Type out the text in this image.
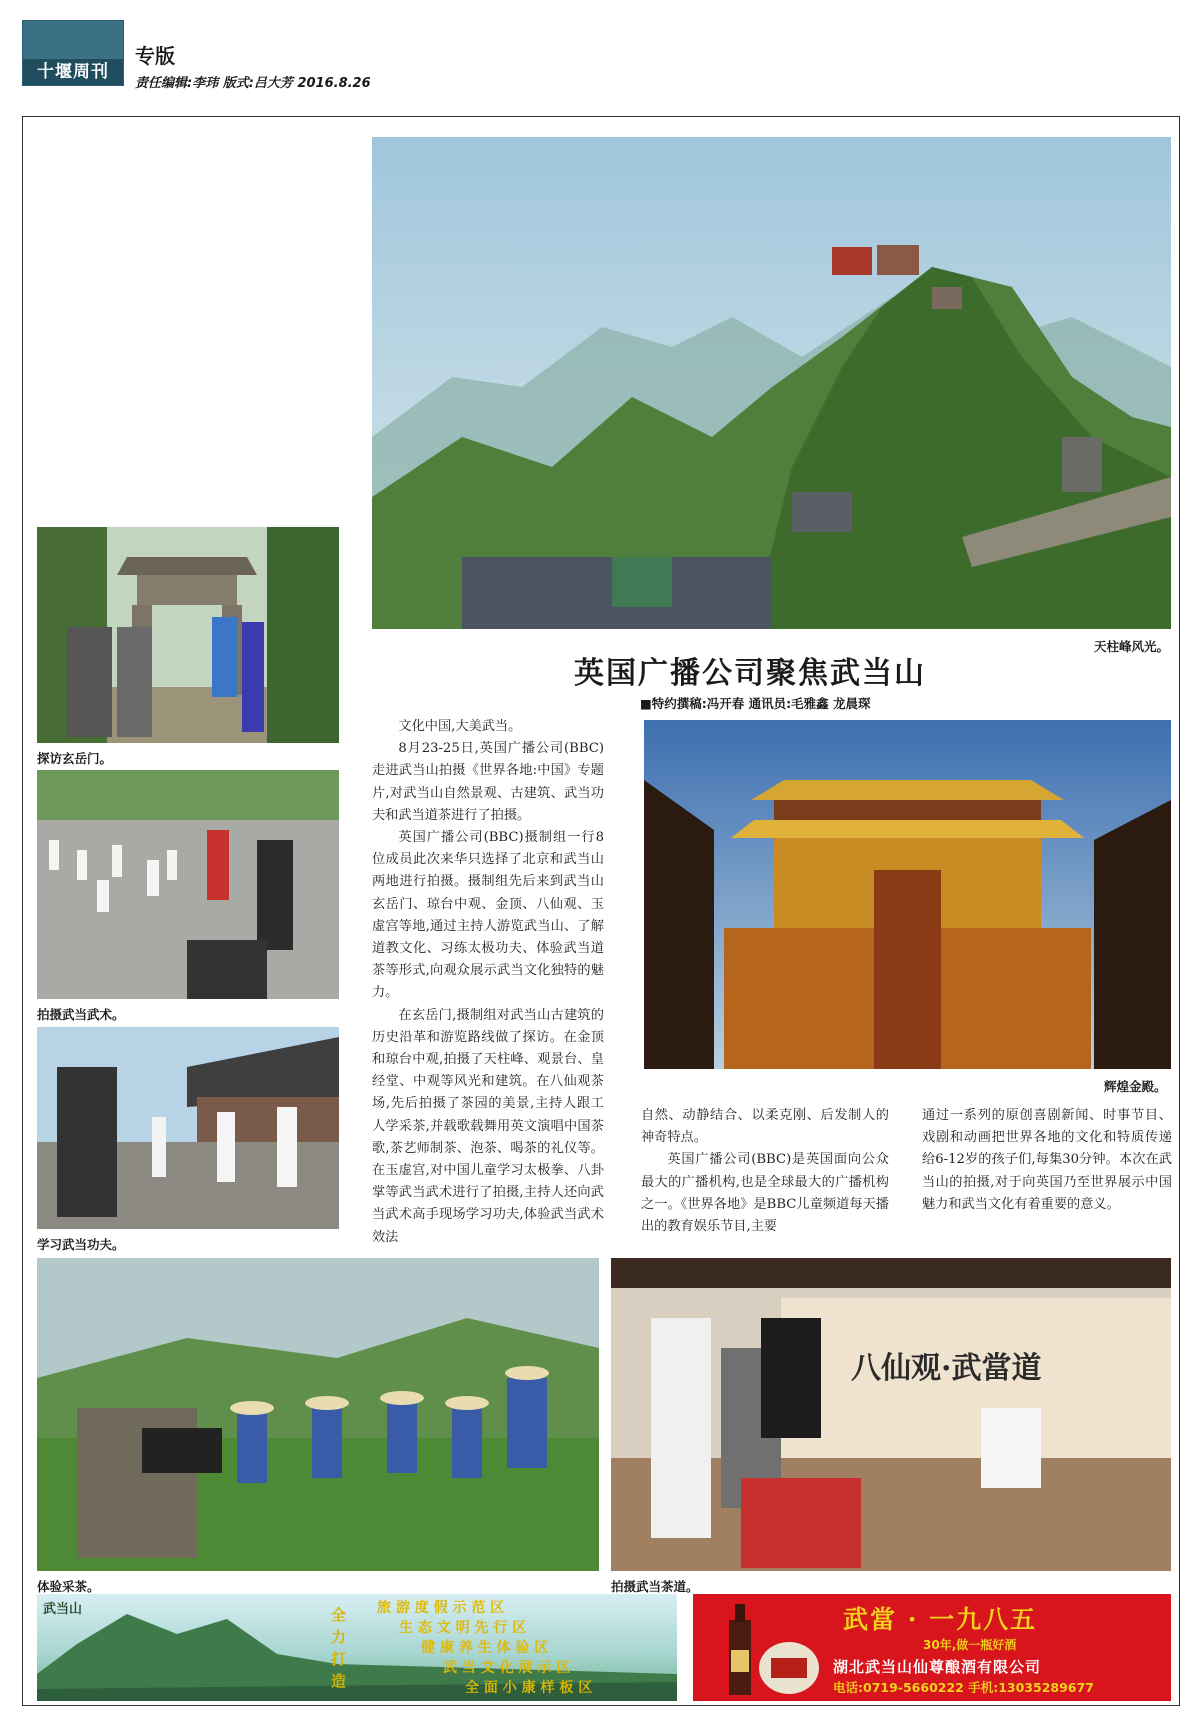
十堰周刊
专版
责任编辑:李玮 版式:吕大芳 2016.8.26
天柱峰风光。
探访玄岳门。
拍摄武当武术。
学习武当功夫。
英国广播公司聚焦武当山
■特约撰稿:冯开春 通讯员:毛雅鑫 龙晨琛

文化中国,大美武当。

8月23-25日,英国广播公司(BBC)走进武当山拍摄《世界各地:中国》专题片,对武当山自然景观、古建筑、武当功夫和武当道茶进行了拍摄。

英国广播公司(BBC)摄制组一行8位成员此次来华只选择了北京和武当山两地进行拍摄。摄制组先后来到武当山玄岳门、琼台中观、金顶、八仙观、玉虚宫等地,通过主持人游览武当山、了解道教文化、习练太极功夫、体验武当道茶等形式,向观众展示武当文化独特的魅力。

在玄岳门,摄制组对武当山古建筑的历史沿革和游览路线做了探访。在金顶和琼台中观,拍摄了天柱峰、观景台、皇经堂、中观等风光和建筑。在八仙观茶场,先后拍摄了茶园的美景,主持人跟工人学采茶,并载歌载舞用英文演唱中国茶歌,茶艺师制茶、泡茶、喝茶的礼仪等。在玉虚宫,对中国儿童学习太极拳、八卦掌等武当武术进行了拍摄,主持人还向武当武术高手现场学习功夫,体验武当武术效法

辉煌金殿。

自然、动静结合、以柔克刚、后发制人的神奇特点。

英国广播公司(BBC)是英国面向公众最大的广播机构,也是全球最大的广播机构之一。《世界各地》是BBC儿童频道每天播出的教育娱乐节目,主要

通过一系列的原创喜剧新闻、时事节目、戏剧和动画把世界各地的文化和特质传递给6-12岁的孩子们,每集30分钟。本次在武当山的拍摄,对于向英国乃至世界展示中国魅力和武当文化有着重要的意义。

体验采茶。
八仙观·武當道
拍摄武当茶道。
武当山	全
力
打
造
旅 游 度 假 示 范 区
生 态 文 明 先 行 区
健 康 养 生 体 验 区
武 当 文 化 展 示 区
全 面 小 康 样 板 区
武當 · 一九八五
30年,做一瓶好酒
湖北武当山仙尊酿酒有限公司
电话:0719-5660222 手机:13035289677
